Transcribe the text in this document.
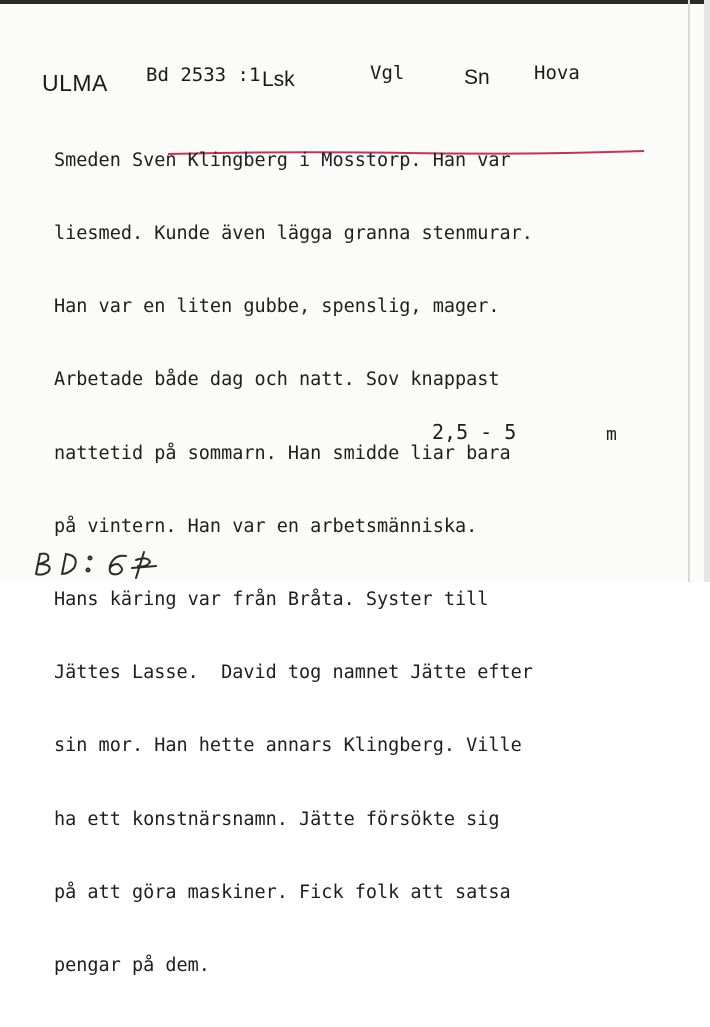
ULMA Bd 2533 :1 Lsk	Vgl	Sn Hova

Smeden Sven Klingberg i Mosstorp. Han var

liesmed. Kunde även lägga granna stenmurar.

Han var en liten gubbe, spenslig, mager.

Arbetade både dag och natt. Sov knappast

nattetid på sommarn. Han smidde liar bara

på vintern. Han var en arbetsmänniska.

Hans käring var från Bråta. Syster till

Jättes Lasse.  David tog namnet Jätte efter

sin mor. Han hette annars Klingberg. Ville

ha ett konstnärsnamn. Jätte försökte sig

på att göra maskiner. Fick folk att satsa

pengar på dem.

2,5 - 5	m
